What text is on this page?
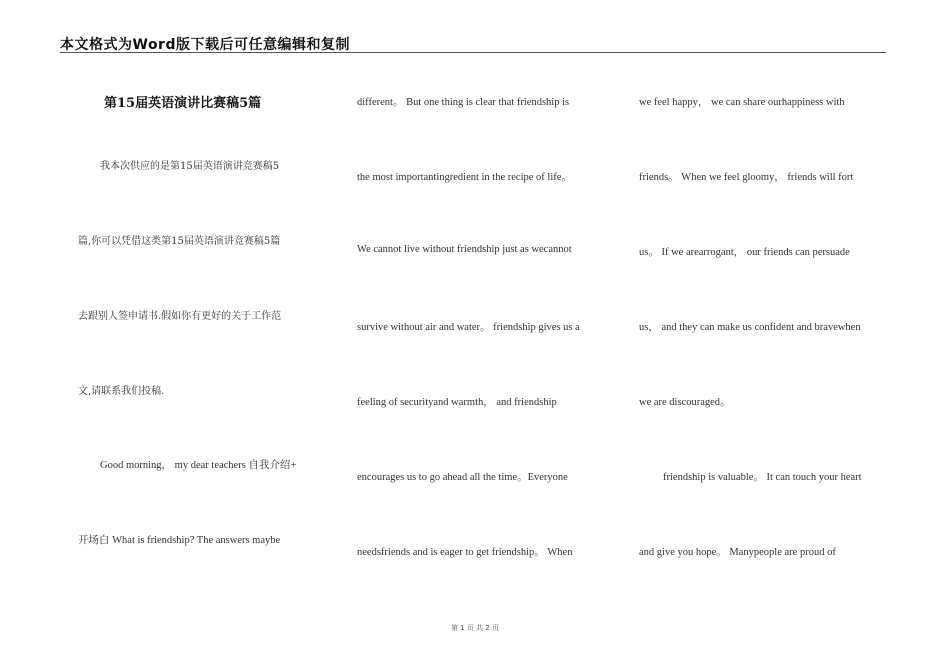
本文格式为Word版下载后可任意编辑和复制
第15届英语演讲比赛稿5篇
我本次供应的是第15届英语演讲竞赛稿5
篇,你可以凭借这类第15届英语演讲竞赛稿5篇
去跟别人签申请书.假如你有更好的关于工作范
文,请联系我们投稿.
Good morning， my dear teachers 自我介绍+
开场白 What is friendship? The answers maybe
different。 But one thing is clear that friendship is
the most importantingredient in the recipe of life。
We cannot live without friendship just as wecannot
survive without air and water。 friendship gives us a
feeling of securityand warmth， and friendship
encourages us to go ahead all the time。Everyone
needsfriends and is eager to get friendship。 When
we feel happy， we can share ourhappiness with
friends。 When we feel gloomy， friends will fort
us。 If we arearrogant， our friends can persuade
us， and they can make us confident and bravewhen
we are discouraged。
friendship is valuable。 It can touch your heart
and give you hope。 Manypeople are proud of
第 1 页 共 2 页
